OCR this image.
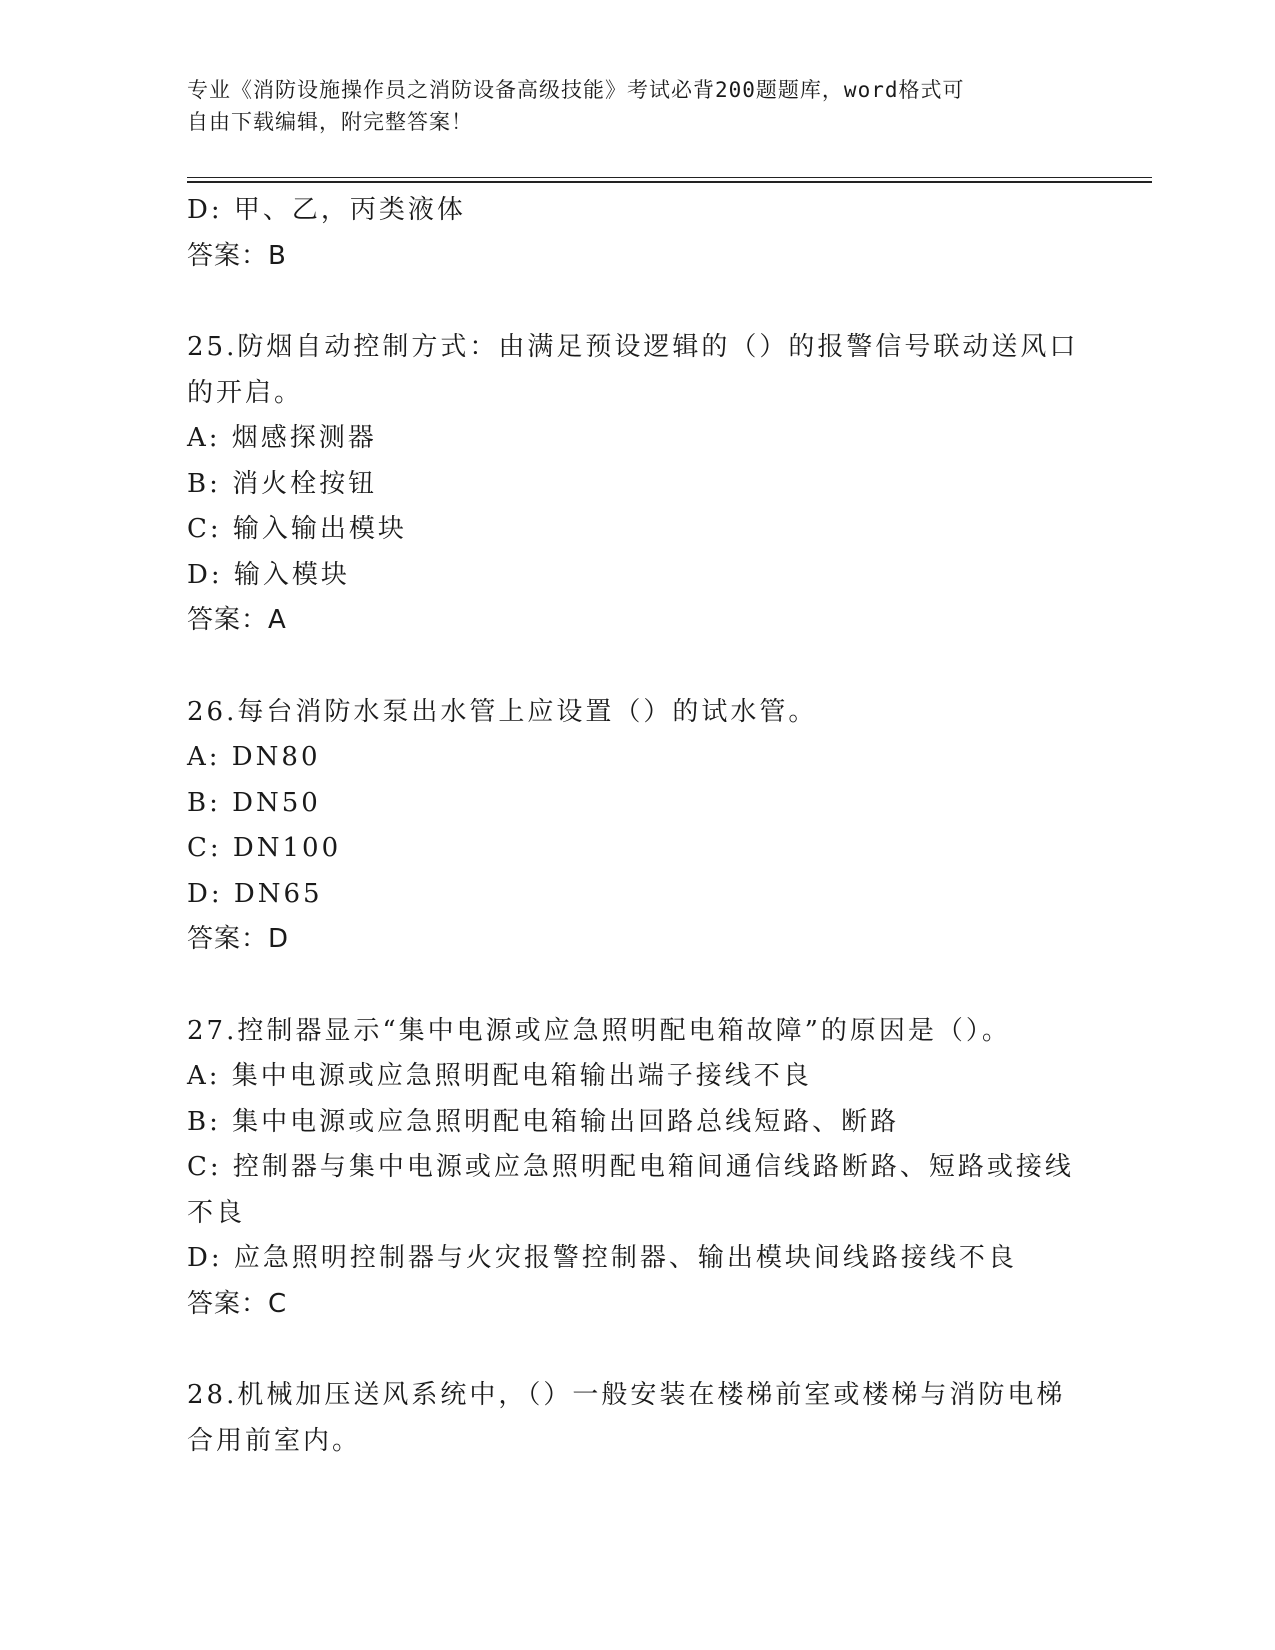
专业《消防设施操作员之消防设备高级技能》考试必背200题题库，word格式可
自由下载编辑，附完整答案！

D: 甲、乙，丙类液体

答案：B

25.防烟自动控制方式：由满足预设逻辑的（）的报警信号联动送风口

的开启。

A: 烟感探测器

B: 消火栓按钮

C: 输入输出模块

D: 输入模块

答案：A

26.每台消防水泵出水管上应设置（）的试水管。

A: DN80

B: DN50

C: DN100

D: DN65

答案：D

27.控制器显示“集中电源或应急照明配电箱故障”的原因是（）。

A: 集中电源或应急照明配电箱输出端子接线不良

B: 集中电源或应急照明配电箱输出回路总线短路、断路

C: 控制器与集中电源或应急照明配电箱间通信线路断路、短路或接线

不良

D: 应急照明控制器与火灾报警控制器、输出模块间线路接线不良

答案：C

28.机械加压送风系统中，（）一般安装在楼梯前室或楼梯与消防电梯

合用前室内。
